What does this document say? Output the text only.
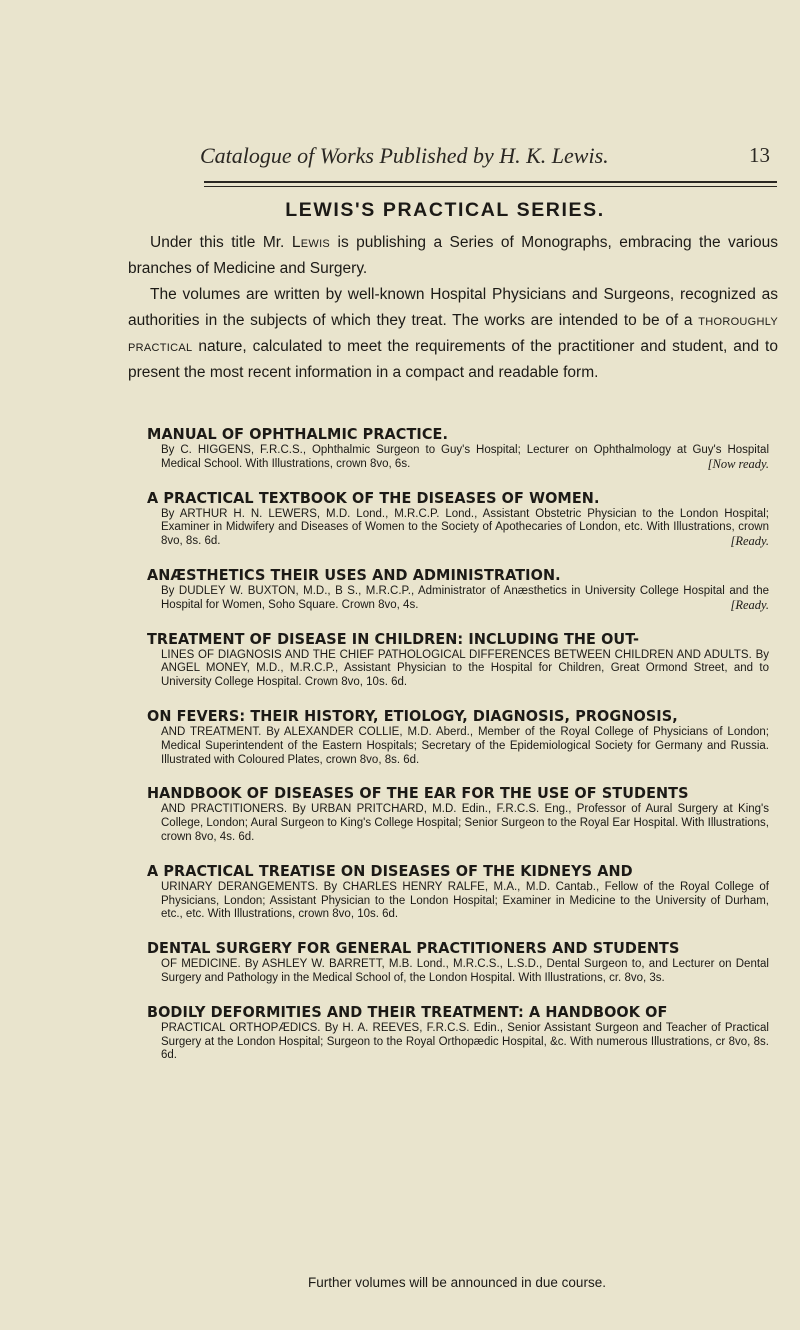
Catalogue of Works Published by H. K. Lewis.	13
LEWIS'S PRACTICAL SERIES.

Under this title Mr. Lewis is publishing a Series of Monographs, embracing the various branches of Medicine and Surgery.

The volumes are written by well-known Hospital Physicians and Surgeons, recognized as authorities in the subjects of which they treat. The works are intended to be of a thoroughly practical nature, calculated to meet the requirements of the practitioner and student, and to present the most recent information in a compact and readable form.

MANUAL OF OPHTHALMIC PRACTICE.
By C. HIGGENS, F.R.C.S., Ophthalmic Surgeon to Guy's Hospital; Lecturer on Ophthalmology at Guy's Hospital Medical School. With Illustrations, crown 8vo, 6s.	[Now ready.
A PRACTICAL TEXTBOOK OF THE DISEASES OF WOMEN.
By ARTHUR H. N. LEWERS, M.D. Lond., M.R.C.P. Lond., Assistant Obstetric Physician to the London Hospital; Examiner in Midwifery and Diseases of Women to the Society of Apothecaries of London, etc. With Illustrations, crown 8vo, 8s. 6d.	[Ready.
ANÆSTHETICS THEIR USES AND ADMINISTRATION.
By DUDLEY W. BUXTON, M.D., B S., M.R.C.P., Administrator of Anæsthetics in University College Hospital and the Hospital for Women, Soho Square. Crown 8vo, 4s.	[Ready.
TREATMENT OF DISEASE IN CHILDREN: INCLUDING THE OUT-
LINES OF DIAGNOSIS AND THE CHIEF PATHOLOGICAL DIFFERENCES BETWEEN CHILDREN AND ADULTS. By ANGEL MONEY, M.D., M.R.C.P., Assistant Physician to the Hospital for Children, Great Ormond Street, and to University College Hospital. Crown 8vo, 10s. 6d.
ON FEVERS: THEIR HISTORY, ETIOLOGY, DIAGNOSIS, PROGNOSIS,
AND TREATMENT. By ALEXANDER COLLIE, M.D. Aberd., Member of the Royal College of Physicians of London; Medical Superintendent of the Eastern Hospitals; Secretary of the Epidemiological Society for Germany and Russia. Illustrated with Coloured Plates, crown 8vo, 8s. 6d.
HANDBOOK OF DISEASES OF THE EAR FOR THE USE OF STUDENTS
AND PRACTITIONERS. By URBAN PRITCHARD, M.D. Edin., F.R.C.S. Eng., Professor of Aural Surgery at King's College, London; Aural Surgeon to King's College Hospital; Senior Surgeon to the Royal Ear Hospital. With Illustrations, crown 8vo, 4s. 6d.
A PRACTICAL TREATISE ON DISEASES OF THE KIDNEYS AND
URINARY DERANGEMENTS. By CHARLES HENRY RALFE, M.A., M.D. Cantab., Fellow of the Royal College of Physicians, London; Assistant Physician to the London Hospital; Examiner in Medicine to the University of Durham, etc., etc. With Illustrations, crown 8vo, 10s. 6d.
DENTAL SURGERY FOR GENERAL PRACTITIONERS AND STUDENTS
OF MEDICINE. By ASHLEY W. BARRETT, M.B. Lond., M.R.C.S., L.S.D., Dental Surgeon to, and Lecturer on Dental Surgery and Pathology in the Medical School of, the London Hospital. With Illustrations, cr. 8vo, 3s.
BODILY DEFORMITIES AND THEIR TREATMENT: A HANDBOOK OF
PRACTICAL ORTHOPÆDICS. By H. A. REEVES, F.R.C.S. Edin., Senior Assistant Surgeon and Teacher of Practical Surgery at the London Hospital; Surgeon to the Royal Orthopædic Hospital, &c. With numerous Illustrations, cr 8vo, 8s. 6d.
Further volumes will be announced in due course.
